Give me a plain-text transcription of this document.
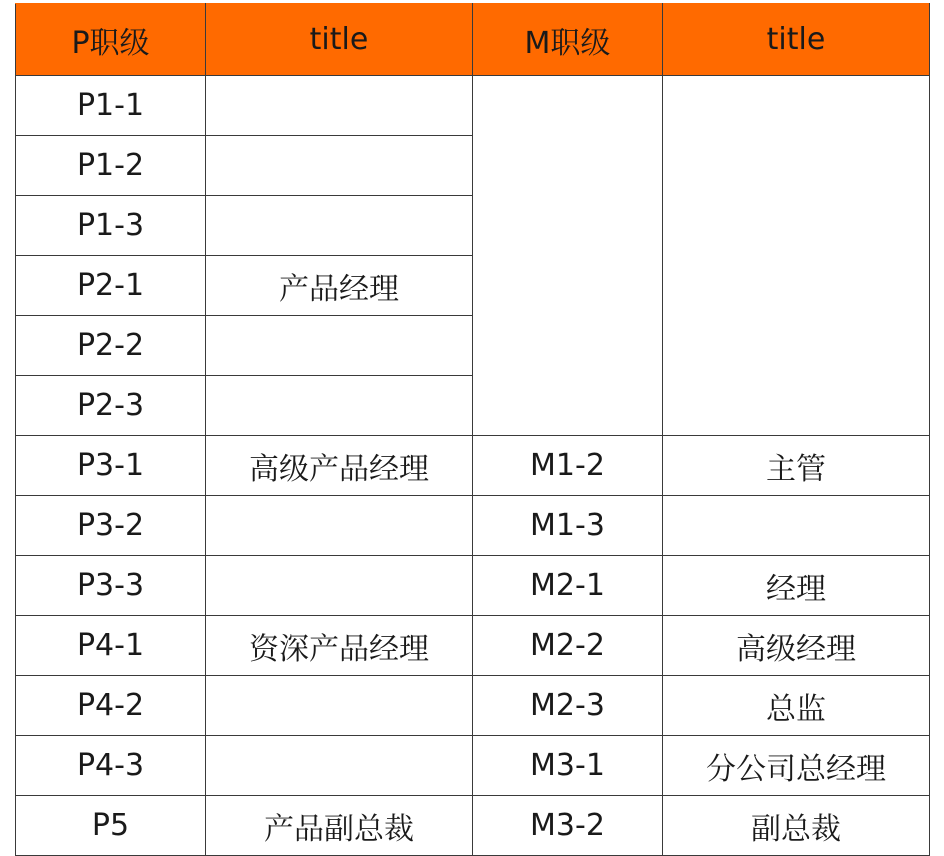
P职级	title	M职级	title
P1-1			
P1-2			
P1-3			
P2-1	产品经理		
P2-2			
P2-3			
P3-1	高级产品经理	M1-2	主管
P3-2		M1-3	
P3-3		M2-1	经理
P4-1	资深产品经理	M2-2	高级经理
P4-2		M2-3	总监
P4-3		M3-1	分公司总经理
P5	产品副总裁	M3-2	副总裁
